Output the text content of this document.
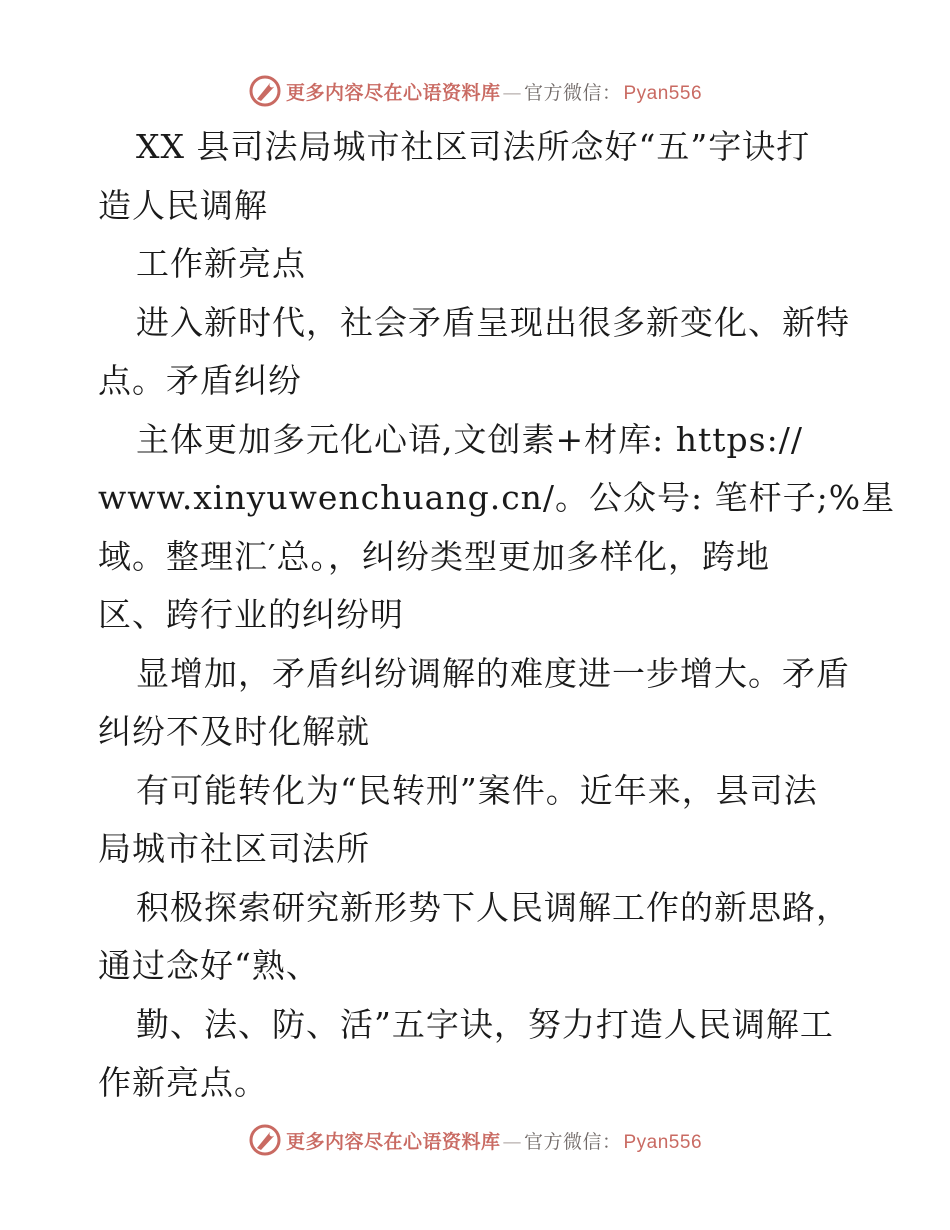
更多内容尽在心语资料库 — 官方微信： Pyan556
XX 县司法局城市社区司法所念好“五”字诀打
造人民调解
工作新亮点
进入新时代，社会矛盾呈现出很多新变化、新特
点。矛盾纠纷
主体更加多元化心语,文创素+材库: https://
www.xinyuwenchuang.cn/。公众号: 笔杆子;%星
域。整理汇′总。，纠纷类型更加多样化，跨地
区、跨行业的纠纷明
显增加，矛盾纠纷调解的难度进一步增大。矛盾
纠纷不及时化解就
有可能转化为“民转刑”案件。近年来，县司法
局城市社区司法所
积极探索研究新形势下人民调解工作的新思路，
通过念好“熟、
勤、法、防、活”五字诀，努力打造人民调解工
作新亮点。
更多内容尽在心语资料库 — 官方微信： Pyan556
